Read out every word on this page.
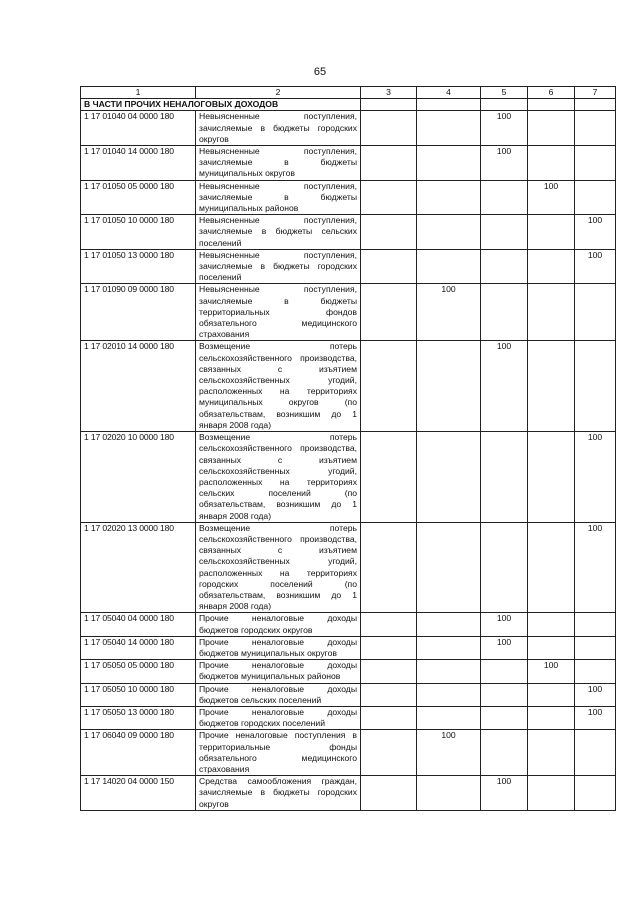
65
1	2	3	4	5	6	7
В ЧАСТИ ПРОЧИХ НЕНАЛОГОВЫХ ДОХОДОВ						
1 17 01040 04 0000 180	Невыясненные поступления, зачисляемые в бюджеты городских округов			100		
1 17 01040 14 0000 180	Невыясненные поступления, зачисляемые в бюджеты муниципальных округов			100		
1 17 01050 05 0000 180	Невыясненные поступления, зачисляемые в бюджеты муниципальных районов				100	
1 17 01050 10 0000 180	Невыясненные поступления, зачисляемые в бюджеты сельских поселений					100
1 17 01050 13 0000 180	Невыясненные поступления, зачисляемые в бюджеты городских поселений					100
1 17 01090 09 0000 180	Невыясненные поступления, зачисляемые в бюджеты территориальных фондов обязательного медицинского страхования		100			
1 17 02010 14 0000 180	Возмещение потерь сельскохозяйственного производства, связанных с изъятием сельскохозяйственных угодий, расположенных на территориях муниципальных округов (по обязательствам, возникшим до 1 января 2008 года)			100		
1 17 02020 10 0000 180	Возмещение потерь сельскохозяйственного производства, связанных с изъятием сельскохозяйственных угодий, расположенных на территориях сельских поселений (по обязательствам, возникшим до 1 января 2008 года)					100
1 17 02020 13 0000 180	Возмещение потерь сельскохозяйственного производства, связанных с изъятием сельскохозяйственных угодий, расположенных на территориях городских поселений (по обязательствам, возникшим до 1 января 2008 года)					100
1 17 05040 04 0000 180	Прочие неналоговые доходы бюджетов городских округов			100		
1 17 05040 14 0000 180	Прочие неналоговые доходы бюджетов муниципальных округов			100		
1 17 05050 05 0000 180	Прочие неналоговые доходы бюджетов муниципальных районов				100	
1 17 05050 10 0000 180	Прочие неналоговые доходы бюджетов сельских поселений					100
1 17 05050 13 0000 180	Прочие неналоговые доходы бюджетов городских поселений					100
1 17 06040 09 0000 180	Прочие неналоговые поступления в территориальные фонды обязательного медицинского страхования		100			
1 17 14020 04 0000 150	Средства самообложения граждан, зачисляемые в бюджеты городских округов			100		
